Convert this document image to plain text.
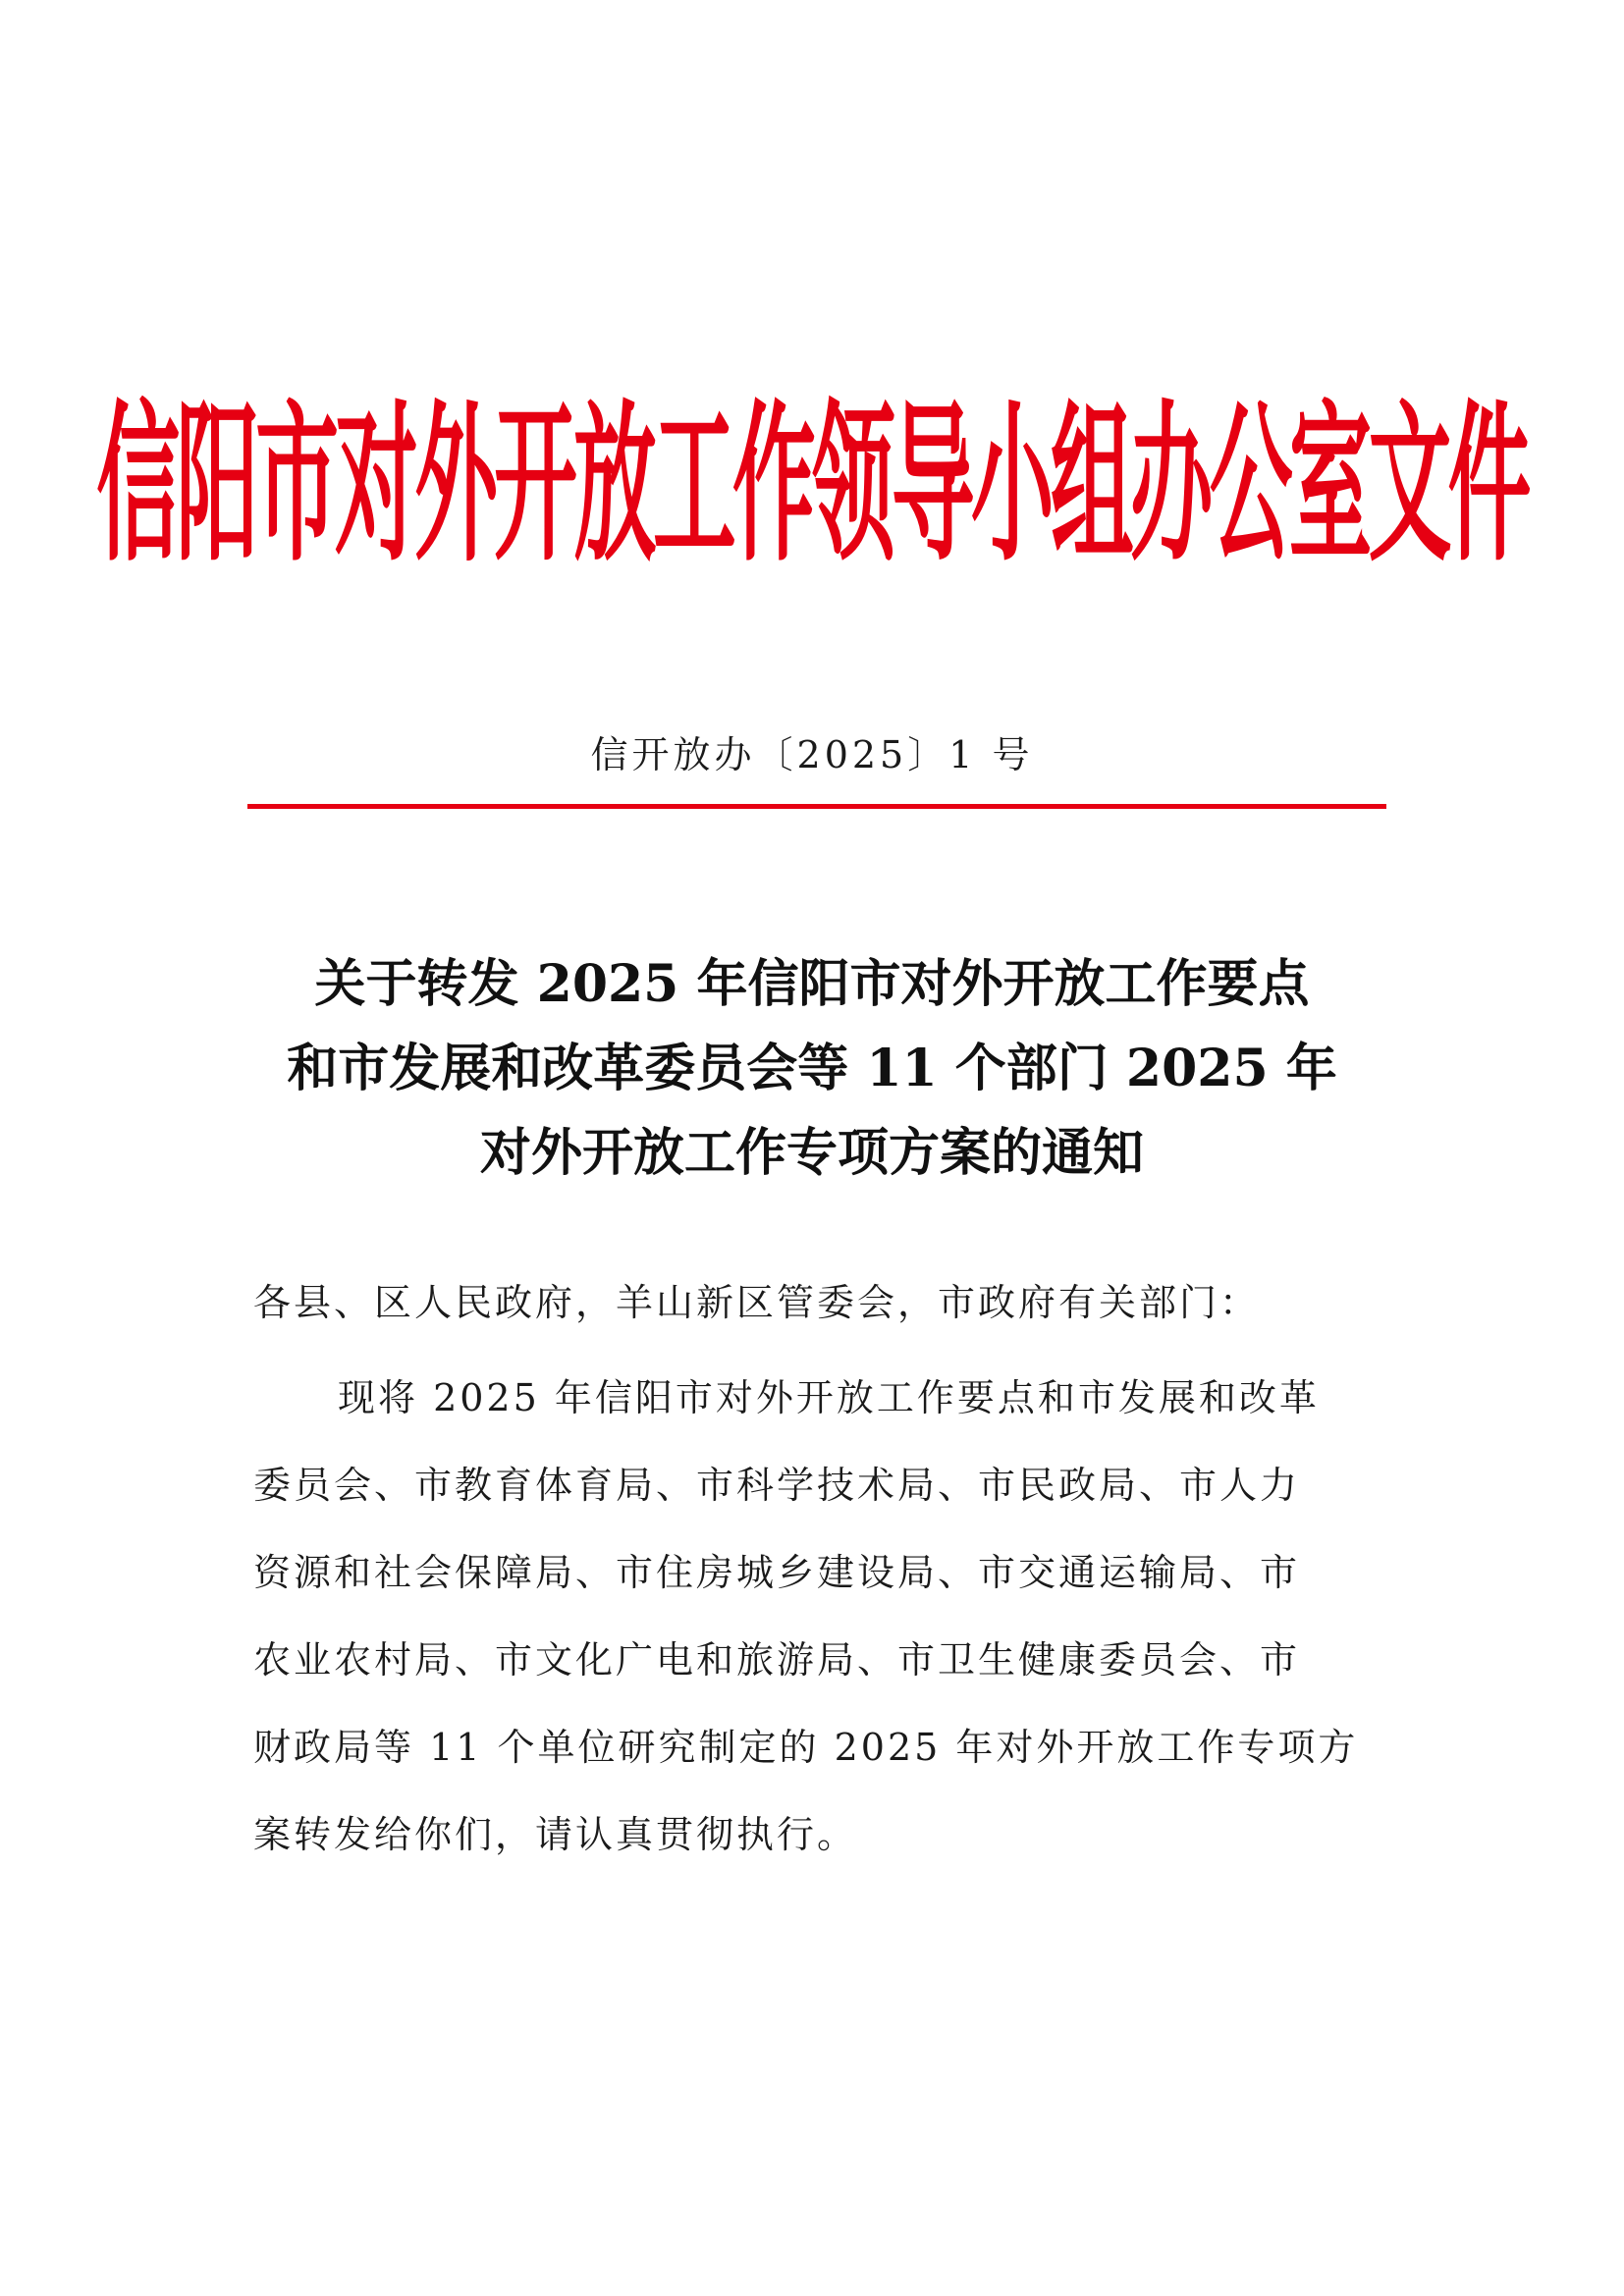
信阳市对外开放工作领导小组办公室文件
信开放办〔2025〕1 号
关于转发 2025 年信阳市对外开放工作要点
和市发展和改革委员会等 11 个部门 2025 年
对外开放工作专项方案的通知
各县、区人民政府，羊山新区管委会，市政府有关部门：
现将 2025 年信阳市对外开放工作要点和市发展和改革
委员会、市教育体育局、市科学技术局、市民政局、市人力
资源和社会保障局、市住房城乡建设局、市交通运输局、市
农业农村局、市文化广电和旅游局、市卫生健康委员会、市
财政局等 11 个单位研究制定的 2025 年对外开放工作专项方
案转发给你们，请认真贯彻执行。
